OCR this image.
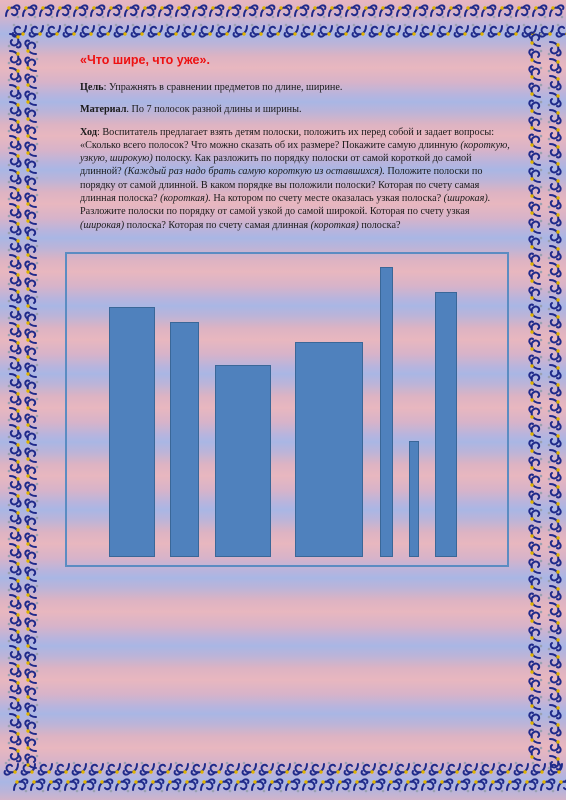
«Что шире, что уже».

Цель: Упражнять в сравнении предметов по длине, ширине.

Материал. По 7 полосок разной длины и ширины.

Ход: Воспитатель предлагает взять детям полоски, положить их перед собой и задает вопросы: «Сколько всего полосок? Что можно сказать об их размере? Покажите самую длинную (короткую, узкую, широкую) полоску. Как разложить по порядку полоски от самой короткой до самой длинной? (Каждый раз надо брать самую короткую из оставшихся). Положите полоски по порядку от самой длинной. В каком порядке вы положили полоски? Которая по счету самая длинная полоска? (короткая). На котором по счету месте оказалась узкая полоска? (широкая). Разложите полоски по порядку от самой узкой до самой широкой. Которая по счету узкая (широкая) полоска? Которая по счету самая длинная (короткая) полоска?
